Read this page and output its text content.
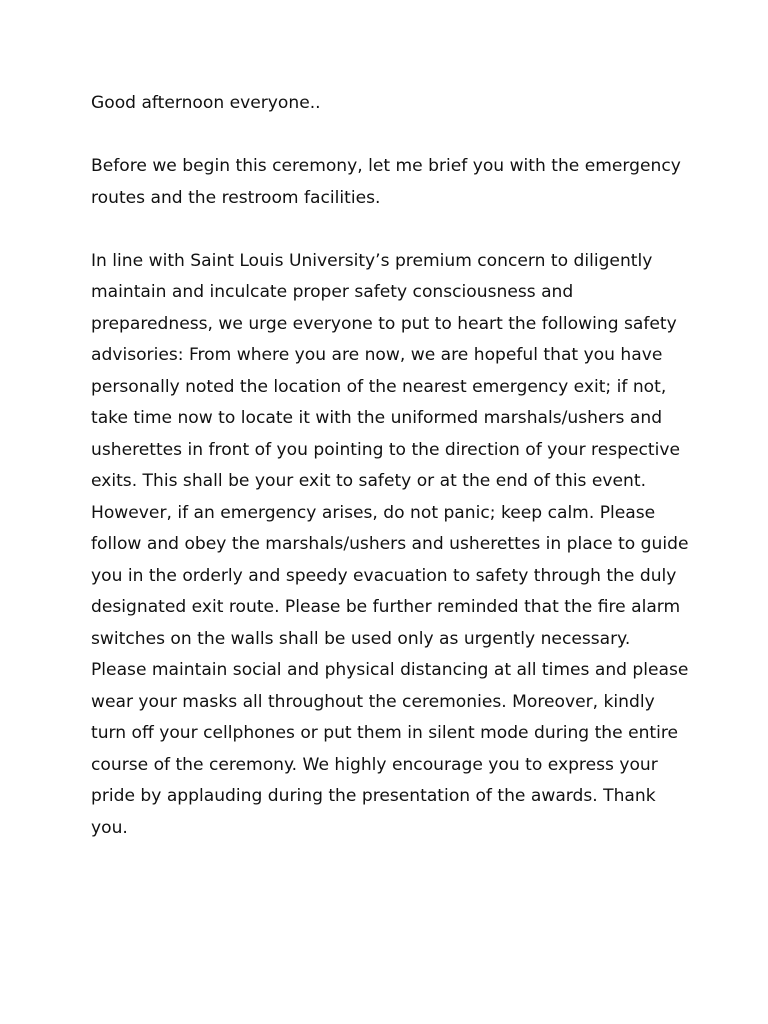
Good afternoon everyone..

Before we begin this ceremony, let me brief you with the emergency routes and the restroom facilities.

In line with Saint Louis University’s premium concern to diligently maintain and inculcate proper safety consciousness and preparedness, we urge everyone to put to heart the following safety advisories: From where you are now, we are hopeful that you have personally noted the location of the nearest emergency exit; if not, take time now to locate it with the uniformed marshals/ushers and usherettes in front of you pointing to the direction of your respective exits. This shall be your exit to safety or at the end of this event.

However, if an emergency arises, do not panic; keep calm. Please follow and obey the marshals/ushers and usherettes in place to guide you in the orderly and speedy evacuation to safety through the duly designated exit route. Please be further reminded that the fire alarm switches on the walls shall be used only as urgently necessary. Please maintain social and physical distancing at all times and please wear your masks all throughout the ceremonies. Moreover, kindly turn off your cellphones or put them in silent mode during the entire course of the ceremony. We highly encourage you to express your pride by applauding during the presentation of the awards. Thank you.
